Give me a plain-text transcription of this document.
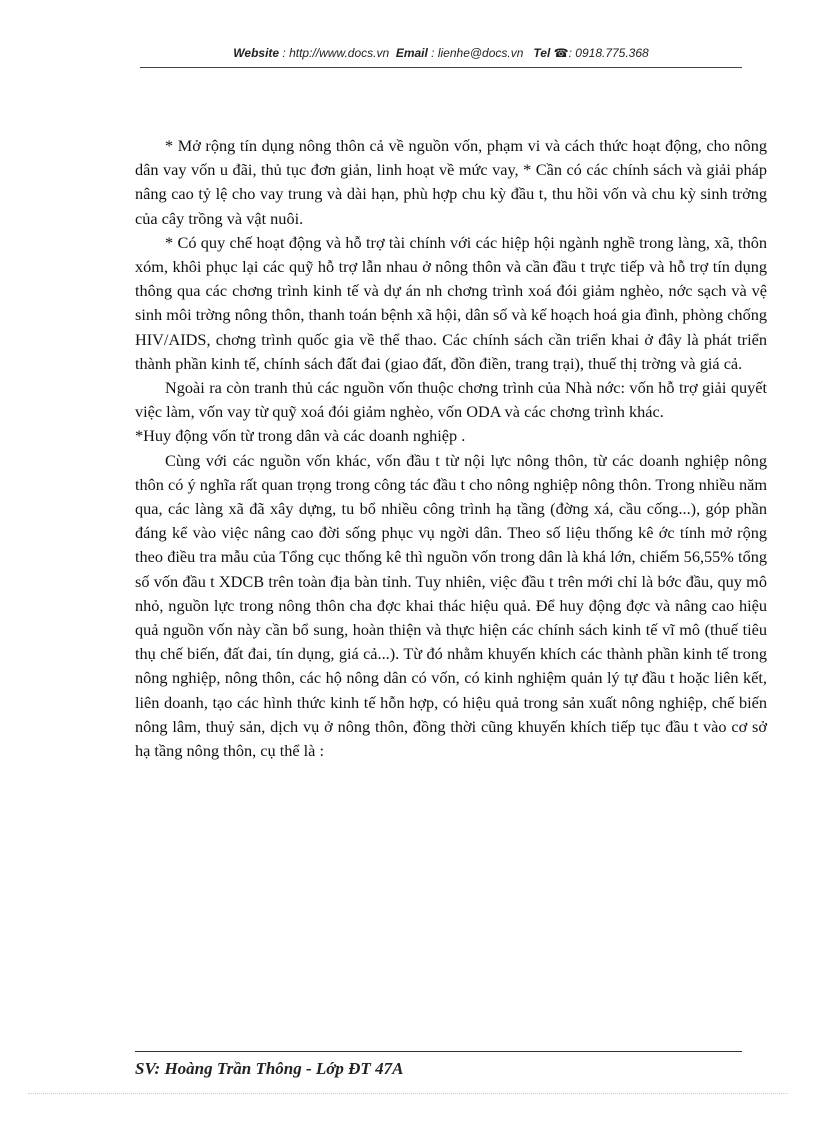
Website : http://www.docs.vn Email : lienhe@docs.vn Tel ☎: 0918.775.368

* Mở rộng tín dụng nông thôn cả về nguồn vốn, phạm vi và cách thức hoạt động, cho nông dân vay vốn u đãi, thủ tục đơn giản, linh hoạt về mức vay, * Cần có các chính sách và giải pháp nâng cao tỷ lệ cho vay trung và dài hạn, phù hợp chu kỳ đầu t, thu hồi vốn và chu kỳ sinh trởng của cây trồng và vật nuôi.

* Có quy chế hoạt động và hỗ trợ tài chính với các hiệp hội ngành nghề trong làng, xã, thôn xóm, khôi phục lại các quỹ hỗ trợ lẫn nhau ở nông thôn và cần đầu t trực tiếp và hỗ trợ tín dụng thông qua các chơng trình kinh tế và dự án nh chơng trình xoá đói giảm nghèo, nớc sạch và vệ sinh môi trờng nông thôn, thanh toán bệnh xã hội, dân số và kế hoạch hoá gia đình, phòng chống HIV/AIDS, chơng trình quốc gia về thể thao. Các chính sách cần triển khai ở đây là phát triển thành phần kinh tế, chính sách đất đai (giao đất, đồn điền, trang trại), thuế thị trờng và giá cả.

Ngoài ra còn tranh thủ các nguồn vốn thuộc chơng trình của Nhà nớc: vốn hỗ trợ giải quyết việc làm, vốn vay từ quỹ xoá đói giảm nghèo, vốn ODA và các chơng trình khác.

*Huy động vốn từ trong dân và các doanh nghiệp .

Cùng với các nguồn vốn khác, vốn đầu t từ nội lực nông thôn, từ các doanh nghiệp nông thôn có ý nghĩa rất quan trọng trong công tác đầu t cho nông nghiệp nông thôn. Trong nhiều năm qua, các làng xã đã xây dựng, tu bổ nhiều công trình hạ tầng (đờng xá, cầu cống...), góp phần đáng kể vào việc nâng cao đời sống phục vụ ngời dân. Theo số liệu thống kê ớc tính mở rộng theo điều tra mẫu của Tổng cục thống kê thì nguồn vốn trong dân là khá lớn, chiếm 56,55% tổng số vốn đầu t XDCB trên toàn địa bàn tỉnh. Tuy nhiên, việc đầu t trên mới chỉ là bớc đầu, quy mô nhỏ, nguồn lực trong nông thôn cha đợc khai thác hiệu quả. Để huy động đợc và nâng cao hiệu quả nguồn vốn này cần bổ sung, hoàn thiện và thực hiện các chính sách kinh tế vĩ mô (thuế tiêu thụ chế biến, đất đai, tín dụng, giá cả...). Từ đó nhằm khuyến khích các thành phần kinh tế trong nông nghiệp, nông thôn, các hộ nông dân có vốn, có kinh nghiệm quản lý tự đầu t hoặc liên kết, liên doanh, tạo các hình thức kinh tế hỗn hợp, có hiệu quả trong sản xuất nông nghiệp, chế biến nông lâm, thuỷ sản, dịch vụ ở nông thôn, đồng thời cũng khuyến khích tiếp tục đầu t vào cơ sở hạ tầng nông thôn, cụ thể là :

SV: Hoàng Trần Thông - Lớp ĐT 47A
